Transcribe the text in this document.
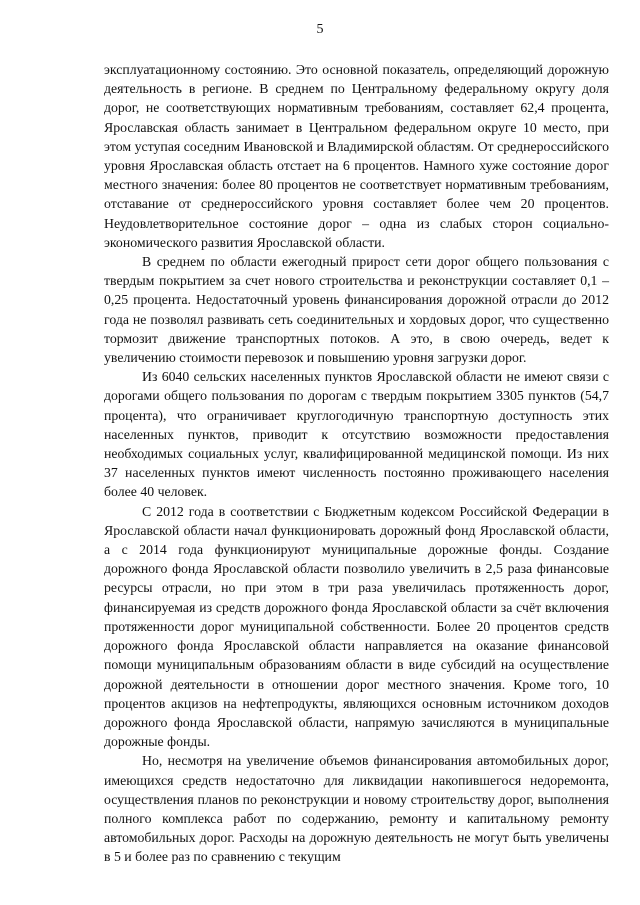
5

эксплуатационному состоянию. Это основной показатель, определяющий дорожную деятельность в регионе. В среднем по Центральному федеральному округу доля дорог, не соответствующих нормативным требованиям, составляет 62,4 процента, Ярославская область занимает в Центральном федеральном округе 10 место, при этом уступая соседним Ивановской и Владимирской областям. От среднероссийского уровня Ярославская область отстает на 6 процентов. Намного хуже состояние дорог местного значения: более 80 процентов не соответствует нормативным требованиям, отставание от среднероссийского уровня составляет более чем 20 процентов. Неудовлетворительное состояние дорог – одна из слабых сторон социально-экономического развития Ярославской области.

В среднем по области ежегодный прирост сети дорог общего пользования с твердым покрытием за счет нового строительства и реконструкции составляет 0,1 – 0,25 процента. Недостаточный уровень финансирования дорожной отрасли до 2012 года не позволял развивать сеть соединительных и хордовых дорог, что существенно тормозит движение транспортных потоков. А это, в свою очередь, ведет к увеличению стоимости перевозок и повышению уровня загрузки дорог.

Из 6040 сельских населенных пунктов Ярославской области не имеют связи с дорогами общего пользования по дорогам с твердым покрытием 3305 пунктов (54,7 процента), что ограничивает круглогодичную транспортную доступность этих населенных пунктов, приводит к отсутствию возможности предоставления необходимых социальных услуг, квалифицированной медицинской помощи. Из них 37 населенных пунктов имеют численность постоянно проживающего населения более 40 человек.

С 2012 года в соответствии с Бюджетным кодексом Российской Федерации в Ярославской области начал функционировать дорожный фонд Ярославской области, а с 2014 года функционируют муниципальные дорожные фонды. Создание дорожного фонда Ярославской области позволило увеличить в 2,5 раза финансовые ресурсы отрасли, но при этом в три раза увеличилась протяженность дорог, финансируемая из средств дорожного фонда Ярославской области за счёт включения протяженности дорог муниципальной собственности. Более 20 процентов средств дорожного фонда Ярославской области направляется на оказание финансовой помощи муниципальным образованиям области в виде субсидий на осуществление дорожной деятельности в отношении дорог местного значения. Кроме того, 10 процентов акцизов на нефтепродукты, являющихся основным источником доходов дорожного фонда Ярославской области, напрямую зачисляются в муниципальные дорожные фонды.

Но, несмотря на увеличение объемов финансирования автомобильных дорог, имеющихся средств недостаточно для ликвидации накопившегося недоремонта, осуществления планов по реконструкции и новому строительству дорог, выполнения полного комплекса работ по содержанию, ремонту и капитальному ремонту автомобильных дорог. Расходы на дорожную деятельность не могут быть увеличены в 5 и более раз по сравнению с текущим
